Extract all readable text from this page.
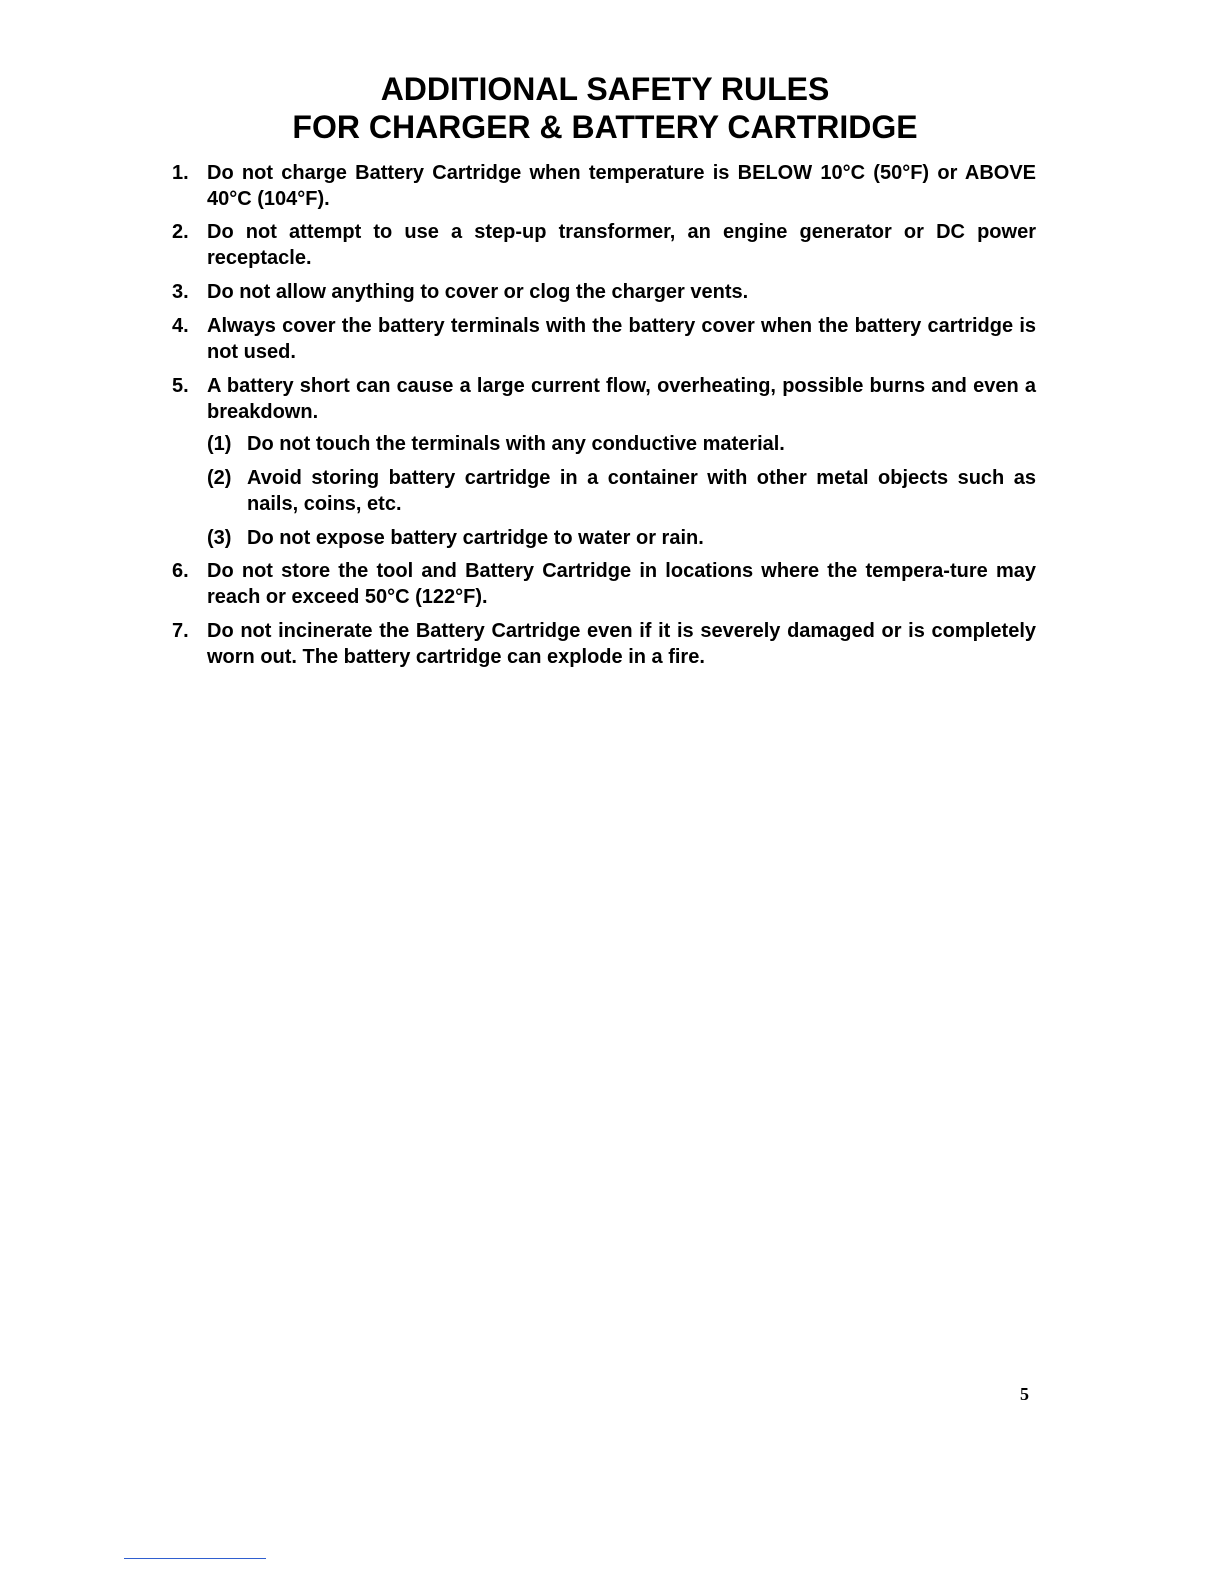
ADDITIONAL SAFETY RULES
FOR CHARGER & BATTERY CARTRIDGE
1. Do not charge Battery Cartridge when temperature is BELOW 10°C (50°F) or ABOVE 40°C (104°F).
2. Do not attempt to use a step-up transformer, an engine generator or DC power receptacle.
3. Do not allow anything to cover or clog the charger vents.
4. Always cover the battery terminals with the battery cover when the battery cartridge is not used.
5. A battery short can cause a large current flow, overheating, possible burns and even a breakdown.
(1) Do not touch the terminals with any conductive material.
(2) Avoid storing battery cartridge in a container with other metal objects such as nails, coins, etc.
(3) Do not expose battery cartridge to water or rain.
6. Do not store the tool and Battery Cartridge in locations where the tempera-ture may reach or exceed 50°C (122°F).
7. Do not incinerate the Battery Cartridge even if it is severely damaged or is completely worn out. The battery cartridge can explode in a fire.
5
